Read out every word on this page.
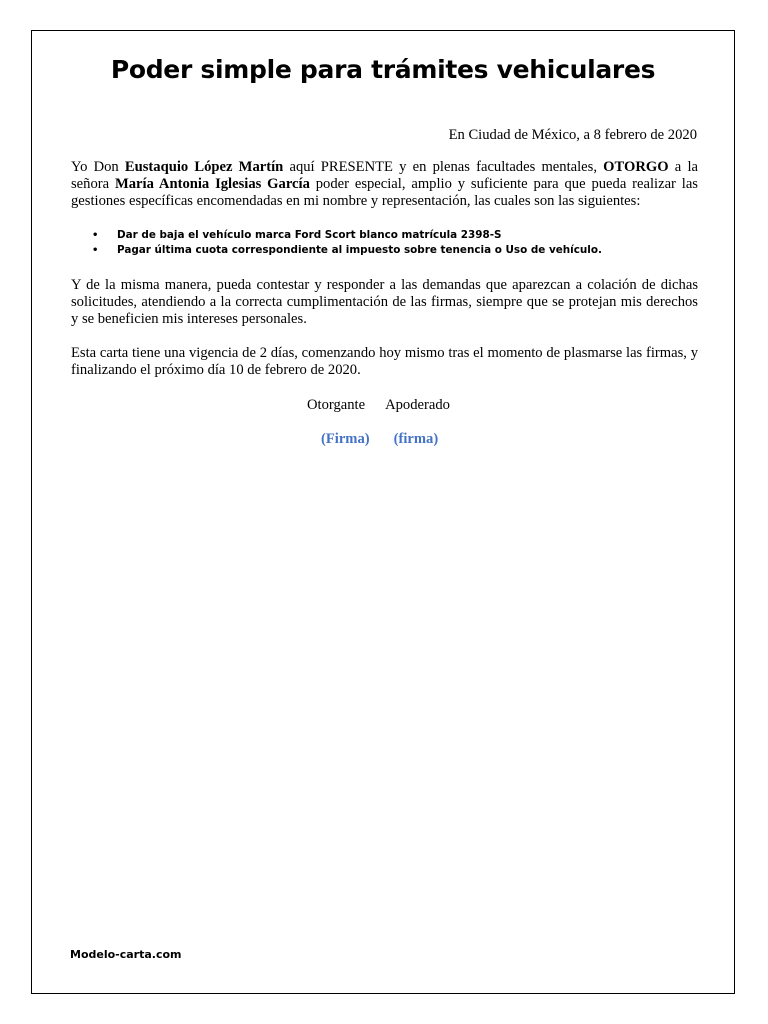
Poder simple para trámites vehiculares
En Ciudad de México, a 8 febrero de 2020

Yo Don Eustaquio López Martín aquí PRESENTE y en plenas facultades mentales, OTORGO a la señora María Antonia Iglesias García poder especial, amplio y suficiente para que pueda realizar las gestiones específicas encomendadas en mi nombre y representación, las cuales son las siguientes:

• Dar de baja el vehículo marca Ford Scort blanco matrícula 2398-S
• Pagar última cuota correspondiente al impuesto sobre tenencia o Uso de vehículo.

Y de la misma manera, pueda contestar y responder a las demandas que aparezcan a colación de dichas solicitudes, atendiendo a la correcta cumplimentación de las firmas, siempre que se protejan mis derechos y se beneficien mis intereses personales.

Esta carta tiene una vigencia de 2 días, comenzando hoy mismo tras el momento de plasmarse las firmas, y finalizando el próximo día 10 de febrero de 2020.

Otorgante Apoderado
(Firma) (firma)
Modelo-carta.com
